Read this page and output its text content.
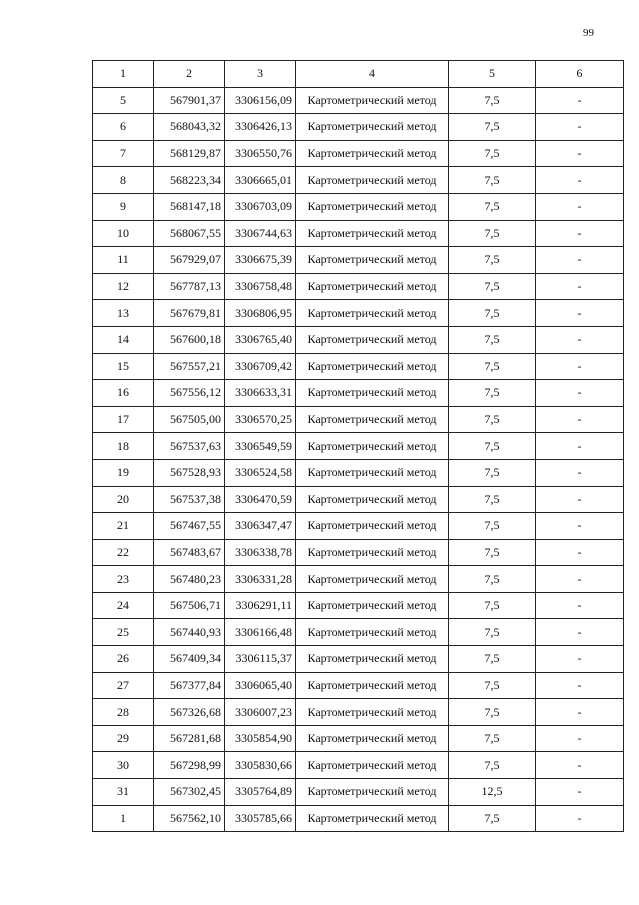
99
1	2	3	4	5	6
5	567901,37	3306156,09	Картометрический метод	7,5	-
6	568043,32	3306426,13	Картометрический метод	7,5	-
7	568129,87	3306550,76	Картометрический метод	7,5	-
8	568223,34	3306665,01	Картометрический метод	7,5	-
9	568147,18	3306703,09	Картометрический метод	7,5	-
10	568067,55	3306744,63	Картометрический метод	7,5	-
11	567929,07	3306675,39	Картометрический метод	7,5	-
12	567787,13	3306758,48	Картометрический метод	7,5	-
13	567679,81	3306806,95	Картометрический метод	7,5	-
14	567600,18	3306765,40	Картометрический метод	7,5	-
15	567557,21	3306709,42	Картометрический метод	7,5	-
16	567556,12	3306633,31	Картометрический метод	7,5	-
17	567505,00	3306570,25	Картометрический метод	7,5	-
18	567537,63	3306549,59	Картометрический метод	7,5	-
19	567528,93	3306524,58	Картометрический метод	7,5	-
20	567537,38	3306470,59	Картометрический метод	7,5	-
21	567467,55	3306347,47	Картометрический метод	7,5	-
22	567483,67	3306338,78	Картометрический метод	7,5	-
23	567480,23	3306331,28	Картометрический метод	7,5	-
24	567506,71	3306291,11	Картометрический метод	7,5	-
25	567440,93	3306166,48	Картометрический метод	7,5	-
26	567409,34	3306115,37	Картометрический метод	7,5	-
27	567377,84	3306065,40	Картометрический метод	7,5	-
28	567326,68	3306007,23	Картометрический метод	7,5	-
29	567281,68	3305854,90	Картометрический метод	7,5	-
30	567298,99	3305830,66	Картометрический метод	7,5	-
31	567302,45	3305764,89	Картометрический метод	12,5	-
1	567562,10	3305785,66	Картометрический метод	7,5	-
